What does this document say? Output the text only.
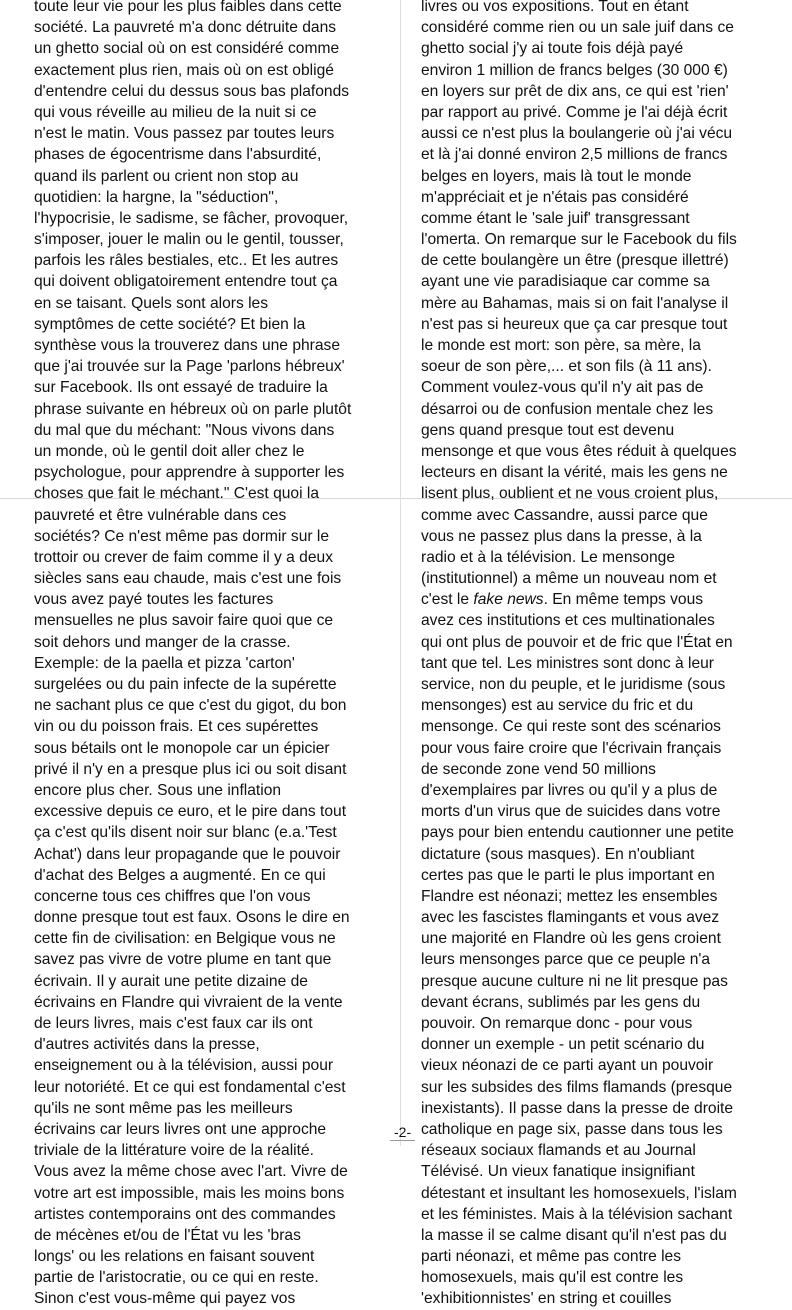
toute leur vie pour les plus faibles dans cette
société. La pauvreté m'a donc détruite dans
un ghetto social où on est considéré comme
exactement plus rien, mais où on est obligé
d'entendre celui du dessus sous bas plafonds
qui vous réveille au milieu de la nuit si ce
n'est le matin. Vous passez par toutes leurs
phases de égocentrisme dans l'absurdité,
quand ils parlent ou crient non stop au
quotidien: la hargne, la "séduction",
l'hypocrisie, le sadisme, se fâcher, provoquer,
s'imposer, jouer le malin ou le gentil, tousser,
parfois les râles bestiales, etc.. Et les autres
qui doivent obligatoirement entendre tout ça
en se taisant. Quels sont alors les
symptômes de cette société? Et bien la
synthèse vous la trouverez dans une phrase
que j'ai trouvée sur la Page 'parlons hébreux'
sur Facebook. Ils ont essayé de traduire la
phrase suivante en hébreux où on parle plutôt
du mal que du méchant: "Nous vivons dans
un monde, où le gentil doit aller chez le
psychologue, pour apprendre à supporter les
choses que fait le méchant." C'est quoi la
pauvreté et être vulnérable dans ces
sociétés? Ce n'est même pas dormir sur le
trottoir ou crever de faim comme il y a deux
siècles sans eau chaude, mais c'est une fois
vous avez payé toutes les factures
mensuelles ne plus savoir faire quoi que ce
soit dehors und manger de la crasse.
Exemple: de la paella et pizza 'carton'
surgelées ou du pain infecte de la supérette
ne sachant plus ce que c'est du gigot, du bon
vin ou du poisson frais. Et ces supérettes
sous bétails ont le monopole car un épicier
privé il n'y en a presque plus ici ou soit disant
encore plus cher. Sous une inflation
excessive depuis ce euro, et le pire dans tout
ça c'est qu'ils disent noir sur blanc (e.a.'Test
Achat') dans leur propagande que le pouvoir
d'achat des Belges a augmenté. En ce qui
concerne tous ces chiffres que l'on vous
donne presque tout est faux. Osons le dire en
cette fin de civilisation: en Belgique vous ne
savez pas vivre de votre plume en tant que
écrivain. Il y aurait une petite dizaine de
écrivains en Flandre qui vivraient de la vente
de leurs livres, mais c'est faux car ils ont
d'autres activités dans la presse,
enseignement ou à la télévision, aussi pour
leur notoriété. Et ce qui est fondamental c'est
qu'ils ne sont même pas les meilleurs
écrivains car leurs livres ont une approche
triviale de la littérature voire de la réalité.
Vous avez la même chose avec l'art. Vivre de
votre art est impossible, mais les moins bons
artistes contemporains ont des commandes
de mécènes et/ou de l'État vu les 'bras
longs' ou les relations en faisant souvent
partie de l'aristocratie, ou ce qui en reste.
Sinon c'est vous-même qui payez vos
livres ou vos expositions. Tout en étant
considéré comme rien ou un sale juif dans ce
ghetto social j'y ai toute fois déjà payé
environ 1 million de francs belges (30 000 €)
en loyers sur prêt de dix ans, ce qui est 'rien'
par rapport au privé. Comme je l'ai déjà écrit
aussi ce n'est plus la boulangerie où j'ai vécu
et là j'ai donné environ 2,5 millions de francs
belges en loyers, mais là tout le monde
m'appréciait et je n'étais pas considéré
comme étant le 'sale juif' transgressant
l'omerta. On remarque sur le Facebook du fils
de cette boulangère un être (presque illettré)
ayant une vie paradisiaque car comme sa
mère au Bahamas, mais si on fait l'analyse il
n'est pas si heureux que ça car presque tout
le monde est mort: son père, sa mère, la
soeur de son père,... et son fils (à 11 ans).
Comment voulez-vous qu'il n'y ait pas de
désarroi ou de confusion mentale chez les
gens quand presque tout est devenu
mensonge et que vous êtes réduit à quelques
lecteurs en disant la vérité, mais les gens ne
lisent plus, oublient et ne vous croient plus,
comme avec Cassandre, aussi parce que
vous ne passez plus dans la presse, à la
radio et à la télévision. Le mensonge
(institutionnel) a même un nouveau nom et
c'est le fake news. En même temps vous
avez ces institutions et ces multinationales
qui ont plus de pouvoir et de fric que l'État en
tant que tel. Les ministres sont donc à leur
service, non du peuple, et le juridisme (sous
mensonges) est au service du fric et du
mensonge. Ce qui reste sont des scénarios
pour vous faire croire que l'écrivain français
de seconde zone vend 50 millions
d'exemplaires par livres ou qu'il y a plus de
morts d'un virus que de suicides dans votre
pays pour bien entendu cautionner une petite
dictature (sous masques). En n'oubliant
certes pas que le parti le plus important en
Flandre est néonazi; mettez les ensembles
avec les fascistes flamingants et vous avez
une majorité en Flandre où les gens croient
leurs mensonges parce que ce peuple n'a
presque aucune culture ni ne lit presque pas
devant écrans, sublimés par les gens du
pouvoir. On remarque donc - pour vous
donner un exemple - un petit scénario du
vieux néonazi de ce parti ayant un pouvoir
sur les subsides des films flamands (presque
inexistants). Il passe dans la presse de droite
catholique en page six, passe dans tous les
réseaux sociaux flamands et au Journal
Télévisé. Un vieux fanatique insignifiant
détestant et insultant les homosexuels, l'islam
et les féministes. Mais à la télévision sachant
la masse il se calme disant qu'il n'est pas du
parti néonazi, et même pas contre les
homosexuels, mais qu'il est contre les
'exhibitionnistes' en string et couilles
-2-
